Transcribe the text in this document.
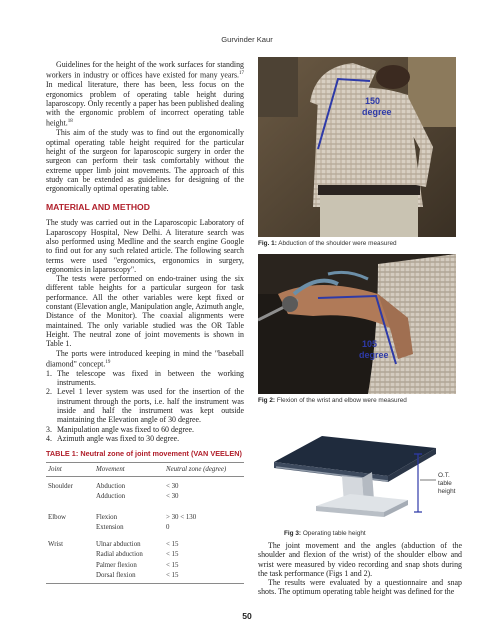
Gurvinder Kaur

Guidelines for the height of the work surfaces for standing workers in industry or offices have existed for many years.$^{17}$ In medical literature, there has been, less focus on the ergonomics problem of operating table height during laparoscopy. Only recently a paper has been published dealing with the ergonomic problem of incorrect operating table height.$^{18}$

This aim of the study was to find out the ergonomically optimal operating table height required for the particular height of the surgeon for laparoscopic surgery in order the surgeon can perform their task comfortably without the extreme upper limb joint movements. The approach of this study can be extended as guidelines for designing of the ergonomically optimal operating table.

MATERIAL AND METHOD

The study was carried out in the Laparoscopic Laboratory of Laparoscopy Hospital, New Delhi. A literature search was also performed using Medline and the search engine Google to find out for any such related article. The following search terms were used "ergonomics, ergonomics in surgery, ergonomics in laparoscopy".

The tests were performed on endo-trainer using the six different table heights for a particular surgeon for task performance. All the other variables were kept fixed or constant (Elevation angle, Manipulation angle, Azimuth angle, Distance of the Monitor). The coaxial alignments were maintained. The only variable studied was the OR Table Height. The neutral zone of joint movements is shown in Table 1.

The ports were introduced keeping in mind the "baseball diamond" concept.$^{19}$

1. The telescope was fixed in between the working instruments.
2. Level 1 lever system was used for the insertion of the instrument through the ports, i.e. half the instrument was inside and half the instrument was kept outside maintaining the Elevation angle of 30 degree.
3. Manipulation angle was fixed to 60 degree.
4. Azimuth angle was fixed to 30 degree.
TABLE 1: Neutral zone of joint movement (VAN VEELEN)
Joint	Movement	Neutral zone (degree)

Shoulder	Abduction	< 30
	Adduction	< 30

Elbow	Flexion	> 30 < 130
	Extension	0

Wrist	Ulnar abduction	< 15
	Radial abduction	< 15
	Palmer flexion	< 15
	Dorsal flexion	< 15

150
degree
Fig. 1: Abduction of the shoulder were measured
105
degree
Fig 2: Flexion of the wrist and elbow were measured
O.T.
table
height
Fig 3: Operating table height

The joint movement and the angles (abduction of the shoulder and flexion of the wrist) of the shoulder elbow and wrist were measured by video recording and snap shots during the task performance (Figs 1 and 2).

The results were evaluated by a questionnaire and snap shots. The optimum operating table height was defined for the

50
